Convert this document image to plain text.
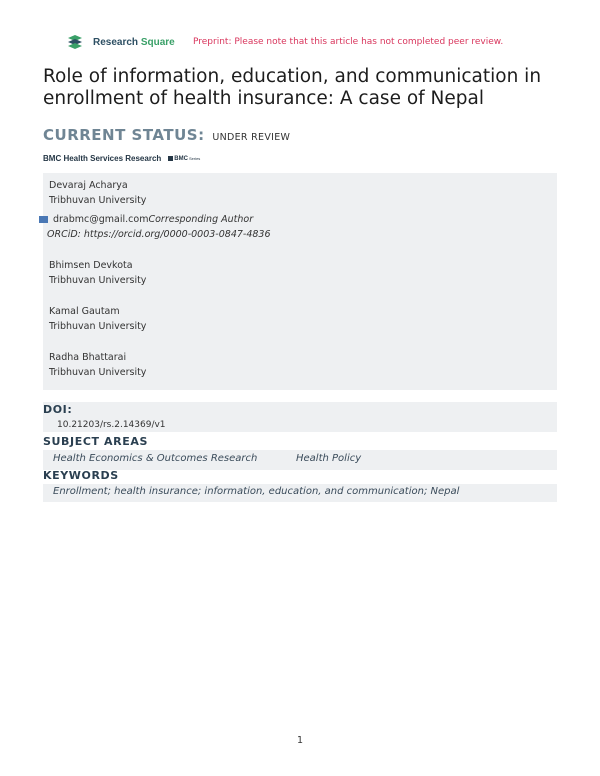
Research Square Preprint: Please note that this article has not completed peer review.
Role of information, education, and communication in enrollment of health insurance: A case of Nepal
CURRENT STATUS: UNDER REVIEW
BMC Health Services Research BMC Series
Devaraj Acharya
Tribhuvan University
drabmc@gmail.comCorresponding Author
ORCiD: https://orcid.org/0000-0003-0847-4836
Bhimsen Devkota
Tribhuvan University
Kamal Gautam
Tribhuvan University
Radha Bhattarai
Tribhuvan University
DOI:
10.21203/rs.2.14369/v1
SUBJECT AREAS
Health Economics & Outcomes Research	Health Policy
KEYWORDS
Enrollment; health insurance; information, education, and communication; Nepal
1
